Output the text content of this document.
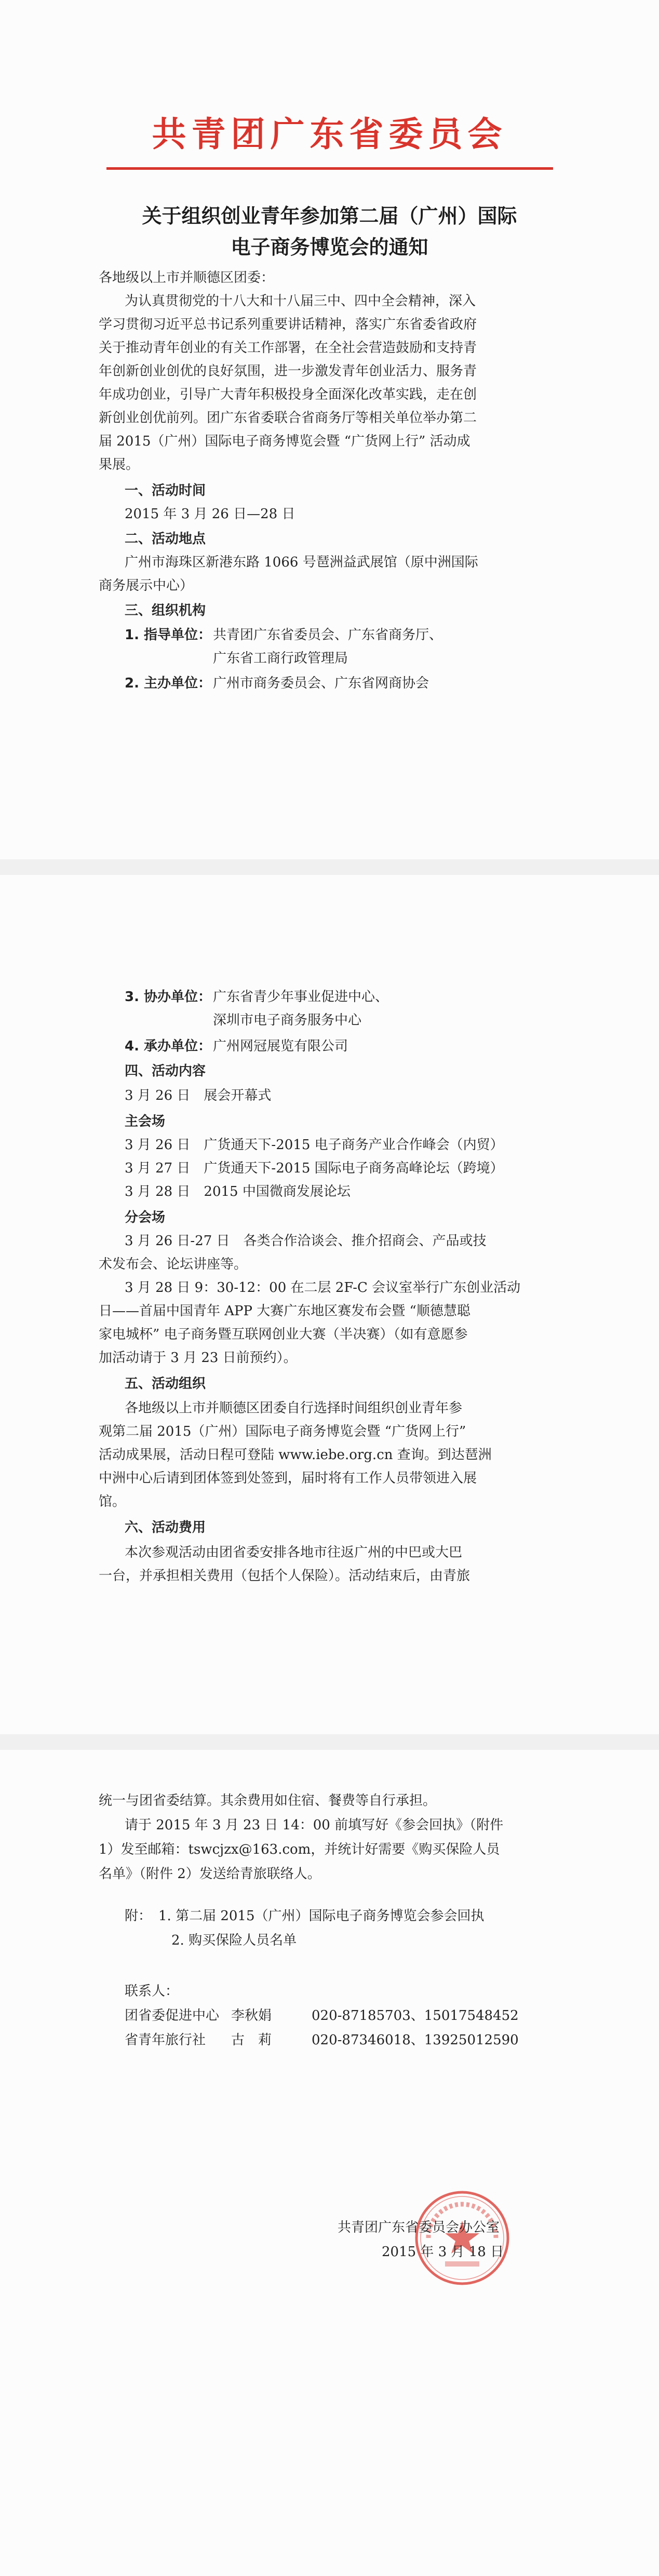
共青团广东省委员会
关于组织创业青年参加第二届（广州）国际
电子商务博览会的通知
各地级以上市并顺德区团委：
为认真贯彻党的十八大和十八届三中、四中全会精神，深入
学习贯彻习近平总书记系列重要讲话精神，落实广东省委省政府
关于推动青年创业的有关工作部署，在全社会营造鼓励和支持青
年创新创业创优的良好氛围，进一步激发青年创业活力、服务青
年成功创业，引导广大青年积极投身全面深化改革实践，走在创
新创业创优前列。团广东省委联合省商务厅等相关单位举办第二
届 2015（广州）国际电子商务博览会暨 “广货网上行” 活动成
果展。
一、活动时间
2015 年 3 月 26 日—28 日
二、活动地点
广州市海珠区新港东路 1066 号琶洲益武展馆（原中洲国际
商务展示中心）
三、组织机构
1. 指导单位： 共青团广东省委员会、广东省商务厅、
广东省工商行政管理局
2. 主办单位： 广州市商务委员会、广东省网商协会
3. 协办单位： 广东省青少年事业促进中心、
深圳市电子商务服务中心
4. 承办单位： 广州网冠展览有限公司
四、活动内容
3 月 26 日　展会开幕式
主会场
3 月 26 日　广货通天下-2015 电子商务产业合作峰会（内贸）
3 月 27 日　广货通天下-2015 国际电子商务高峰论坛（跨境）
3 月 28 日　2015 中国微商发展论坛
分会场
3 月 26 日-27 日　各类合作洽谈会、推介招商会、产品或技
术发布会、论坛讲座等。
3 月 28 日 9：30-12：00 在二层 2F-C 会议室举行广东创业活动
日——首届中国青年 APP 大赛广东地区赛发布会暨 “顺德慧聪
家电城杯” 电子商务暨互联网创业大赛（半决赛）（如有意愿参
加活动请于 3 月 23 日前预约）。
五、活动组织
各地级以上市并顺德区团委自行选择时间组织创业青年参
观第二届 2015（广州）国际电子商务博览会暨 “广货网上行”
活动成果展，活动日程可登陆 www.iebe.org.cn 查询。到达琶洲
中洲中心后请到团体签到处签到，届时将有工作人员带领进入展
馆。
六、活动费用
本次参观活动由团省委安排各地市往返广州的中巴或大巴
一台，并承担相关费用（包括个人保险）。活动结束后，由青旅
统一与团省委结算。其余费用如住宿、餐费等自行承担。
请于 2015 年 3 月 23 日 14：00 前填写好《参会回执》（附件
1）发至邮箱：tswcjzx@163.com，并统计好需要《购买保险人员
名单》（附件 2）发送给青旅联络人。
附： 1. 第二届 2015（广州）国际电子商务博览会参会回执
2. 购买保险人员名单
联系人：
团省委促进中心 李秋娟	020-87185703、15017548452
省青年旅行社 古　莉	020-87346018、13925012590
共青团广东省委员会办公室
2015 年 3 月 18 日
